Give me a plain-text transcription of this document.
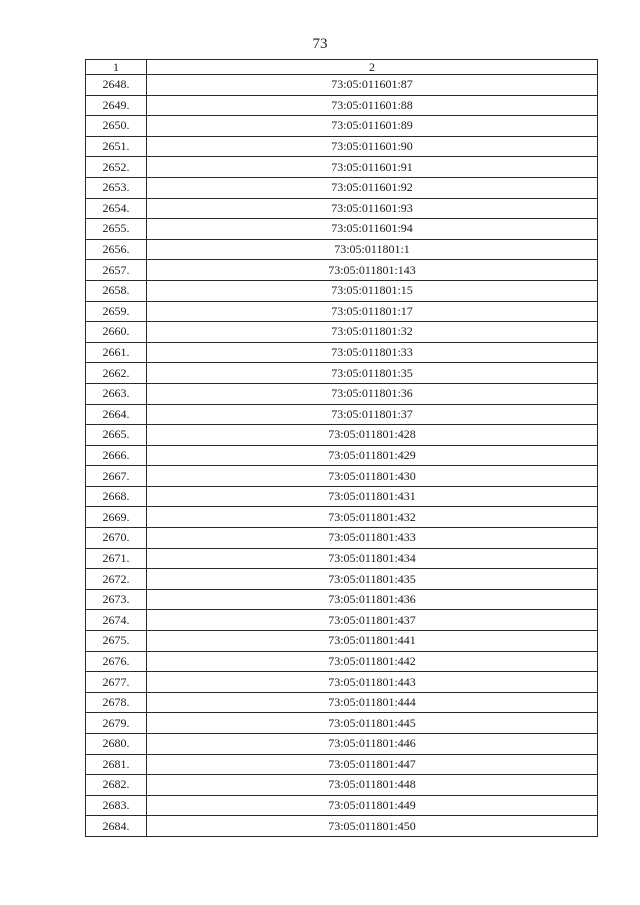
73
1	2
2648.	73:05:011601:87
2649.	73:05:011601:88
2650.	73:05:011601:89
2651.	73:05:011601:90
2652.	73:05:011601:91
2653.	73:05:011601:92
2654.	73:05:011601:93
2655.	73:05:011601:94
2656.	73:05:011801:1
2657.	73:05:011801:143
2658.	73:05:011801:15
2659.	73:05:011801:17
2660.	73:05:011801:32
2661.	73:05:011801:33
2662.	73:05:011801:35
2663.	73:05:011801:36
2664.	73:05:011801:37
2665.	73:05:011801:428
2666.	73:05:011801:429
2667.	73:05:011801:430
2668.	73:05:011801:431
2669.	73:05:011801:432
2670.	73:05:011801:433
2671.	73:05:011801:434
2672.	73:05:011801:435
2673.	73:05:011801:436
2674.	73:05:011801:437
2675.	73:05:011801:441
2676.	73:05:011801:442
2677.	73:05:011801:443
2678.	73:05:011801:444
2679.	73:05:011801:445
2680.	73:05:011801:446
2681.	73:05:011801:447
2682.	73:05:011801:448
2683.	73:05:011801:449
2684.	73:05:011801:450
